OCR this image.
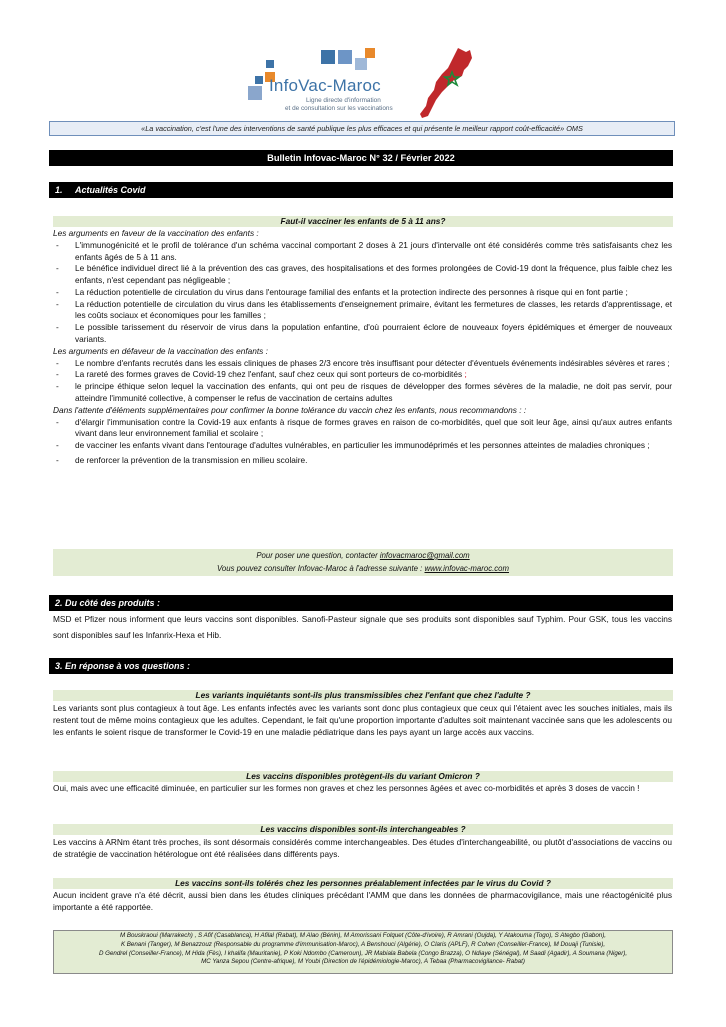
InfoVac-Maroc
Ligne directe d'information
et de consultation sur les vaccinations
«La vaccination, c'est l'une des interventions de santé publique les plus efficaces et qui présente le meilleur rapport coût-efficacité» OMS
Bulletin Infovac-Maroc N° 32 / Février 2022
1. Actualités Covid
Faut-il vacciner les enfants de 5 à 11 ans?
Les arguments en faveur de la vaccination des enfants :
- L'immunogénicité et le profil de tolérance d'un schéma vaccinal comportant 2 doses à 21 jours d'intervalle ont été considérés comme très satisfaisants chez les enfants âgés de 5 à 11 ans.
- Le bénéfice individuel direct lié à la prévention des cas graves, des hospitalisations et des formes prolongées de Covid-19 dont la fréquence, plus faible chez les enfants, n'est cependant pas négligeable ;
- La réduction potentielle de circulation du virus dans l'entourage familial des enfants et la protection indirecte des personnes à risque qui en font partie ;
- La réduction potentielle de circulation du virus dans les établissements d'enseignement primaire, évitant les fermetures de classes, les retards d'apprentissage, et les coûts sociaux et économiques pour les familles ;
- Le possible tarissement du réservoir de virus dans la population enfantine, d'où pourraient éclore de nouveaux foyers épidémiques et émerger de nouveaux variants.
Les arguments en défaveur de la vaccination des enfants :
- Le nombre d'enfants recrutés dans les essais cliniques de phases 2/3 encore très insuffisant pour détecter d'éventuels événements indésirables sévères et rares ;
- La rareté des formes graves de Covid-19 chez l'enfant, sauf chez ceux qui sont porteurs de co-morbidités ;
- le principe éthique selon lequel la vaccination des enfants, qui ont peu de risques de développer des formes sévères de la maladie, ne doit pas servir, pour atteindre l'immunité collective, à compenser le refus de vaccination de certains adultes
Dans l'attente d'éléments supplémentaires pour confirmer la bonne tolérance du vaccin chez les enfants, nous recommandons : :
- d'élargir l'immunisation contre la Covid-19 aux enfants à risque de formes graves en raison de co-morbidités, quel que soit leur âge, ainsi qu'aux autres enfants vivant dans leur environnement familial et scolaire ;
- de vacciner les enfants vivant dans l'entourage d'adultes vulnérables, en particulier les immunodéprimés et les personnes atteintes de maladies chroniques ;
- de renforcer la prévention de la transmission en milieu scolaire.
Pour poser une question, contacter infovacmaroc@gmail.com
Vous pouvez consulter Infovac-Maroc à l'adresse suivante : www.infovac-maroc.com
2. Du côté des produits :
MSD et Pfizer nous informent que leurs vaccins sont disponibles. Sanofi-Pasteur signale que ses produits sont disponibles sauf Typhim. Pour GSK, tous les vaccins sont disponibles sauf les Infanrix-Hexa et Hib.
3. En réponse à vos questions :
Les variants inquiétants sont-ils plus transmissibles chez l'enfant que chez l'adulte ?
Les variants sont plus contagieux à tout âge. Les enfants infectés avec les variants sont donc plus contagieux que ceux qui l'étaient avec les souches initiales, mais ils restent tout de même moins contagieux que les adultes. Cependant, le fait qu'une proportion importante d'adultes soit maintenant vaccinée sans que les adolescents ou les enfants le soient risque de transformer le Covid-19 en une maladie pédiatrique dans les pays ayant un large accès aux vaccins.
Les vaccins disponibles protègent-ils du variant Omicron ?
Oui, mais avec une efficacité diminuée, en particulier sur les formes non graves et chez les personnes âgées et avec co-morbidités et après 3 doses de vaccin !
Les vaccins disponibles sont-ils interchangeables ?
Les vaccins à ARNm étant très proches, ils sont désormais considérés comme interchangeables. Des études d'interchangeabilité, ou plutôt d'associations de vaccins ou de stratégie de vaccination hétérologue ont été réalisées dans différents pays.
Les vaccins sont-ils tolérés chez les personnes préalablement infectées par le virus du Covid ?
Aucun incident grave n'a été décrit, aussi bien dans les études cliniques précédant l'AMM que dans les données de pharmacovigilance, mais une réactogénicité plus importante a été rapportée.
M Bouskraoui (Marrakech) , S Afif (Casablanca), H Afilal (Rabat), M Alao (Bénin), M Amorissani Folquet (Côte-d'ivoire), R Amrani (Oujda), Y Atakouma (Togo), S Ategbo (Gabon),
K Benani (Tanger), M Benazzouz (Responsable du programme d'immunisation-Maroc), A Benshouci (Algérie), O Claris (APLF), R Cohen (Conseiller-France), M Douaji (Tunisie),
D Gendrel (Conseiller-France), M Hida (Fès), I khalifa (Mauritanie), P Koki Ndombo (Cameroun), JR Mabiala Babela (Congo Brazza), O Ndiaye (Sénégal), M Saadi (Agadir), A Soumana (Niger),
MC Yanza Sepou (Centre-afrique), M Youbi (Direction de l'épidémiologie-Maroc), A Tebaa (Pharmacovigilance- Rabat)
